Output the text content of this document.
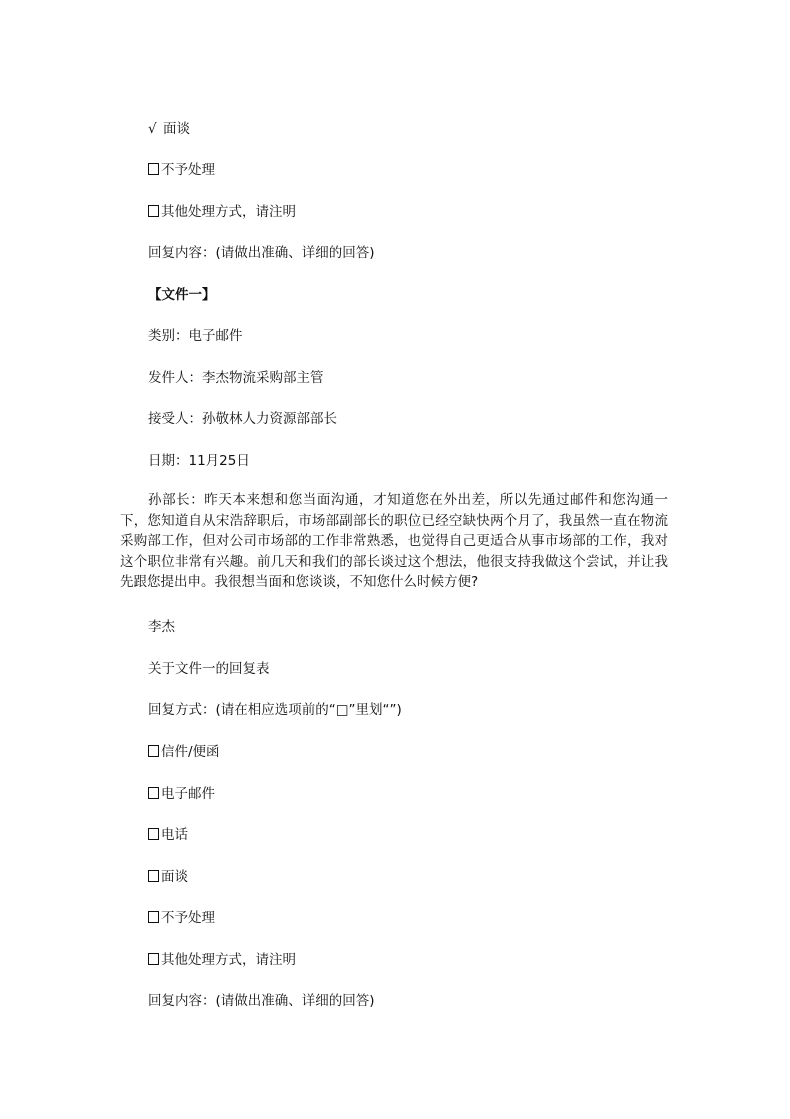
√ 面谈
不予处理
其他处理方式，请注明
回复内容：(请做出准确、详细的回答)
【文件一】
类别：电子邮件
发件人：李杰物流采购部主管
接受人：孙敬林人力资源部部长
日期：11月25日

孙部长：昨天本来想和您当面沟通，才知道您在外出差，所以先通过邮件和您沟通一下，您知道自从宋浩辞职后，市场部副部长的职位已经空缺快两个月了，我虽然一直在物流采购部工作，但对公司市场部的工作非常熟悉，也觉得自己更适合从事市场部的工作，我对这个职位非常有兴趣。前几天和我们的部长谈过这个想法，他很支持我做这个尝试，并让我先跟您提出申。我很想当面和您谈谈，不知您什么时候方便?

李杰
关于文件一的回复表
回复方式：(请在相应选项前的“□”里划“”)
信件/便函
电子邮件
电话
面谈
不予处理
其他处理方式，请注明
回复内容：(请做出准确、详细的回答)
